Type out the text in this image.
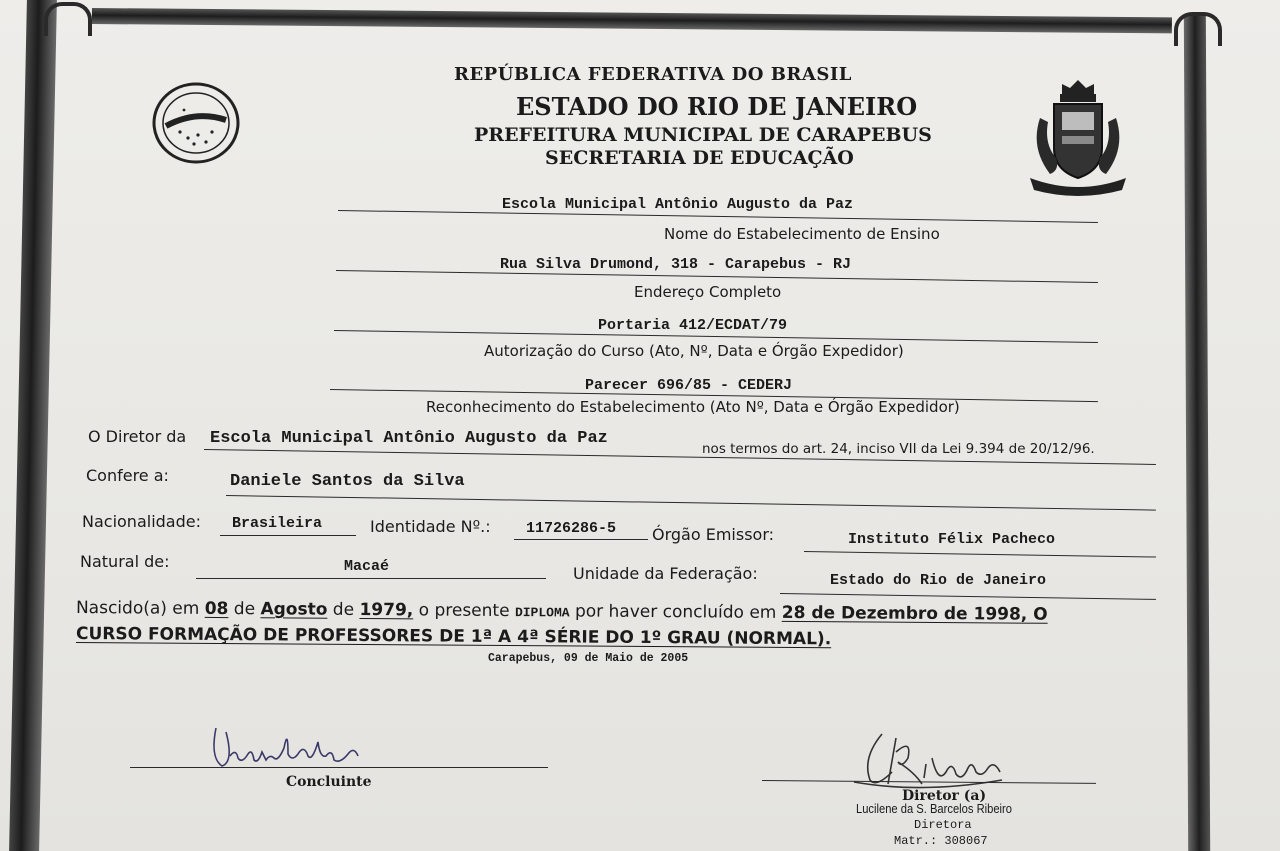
REPÚBLICA FEDERATIVA DO BRASIL
ESTADO DO RIO DE JANEIRO
PREFEITURA MUNICIPAL DE CARAPEBUS
SECRETARIA DE EDUCAÇÃO
Escola Municipal Antônio Augusto da Paz
Nome do Estabelecimento de Ensino
Rua Silva Drumond, 318 - Carapebus - RJ
Endereço Completo
Portaria 412/ECDAT/79
Autorização do Curso (Ato, Nº, Data e Órgão Expedidor)
Parecer 696/85 - CEDERJ
Reconhecimento do Estabelecimento (Ato Nº, Data e Órgão Expedidor)
O Diretor da Escola Municipal Antônio Augusto da Paz
nos termos do art. 24, inciso VII da Lei 9.394 de 20/12/96.
Confere a:	Daniele Santos da Silva
Nacionalidade: Brasileira	Identidade Nº.: 11726286-5 Órgão Emissor:	Instituto Félix Pacheco
Natural de:	Macaé	Unidade da Federação:	Estado do Rio de Janeiro
Nascido(a) em 08 de Agosto de 1979, o presente DIPLOMA por haver concluído em 28 de Dezembro de 1998, O
CURSO FORMAÇÃO DE PROFESSORES DE 1ª A 4ª SÉRIE DO 1º GRAU (NORMAL).
Carapebus, 09 de Maio de 2005
Concluinte
Diretor (a)
Lucilene da S. Barcelos Ribeiro
Diretora
Matr.: 308067
